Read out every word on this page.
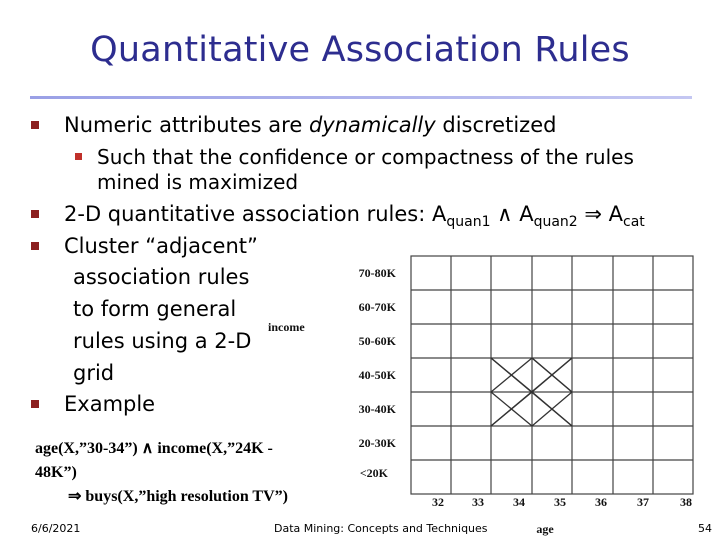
Quantitative Association Rules
Numeric attributes are dynamically discretized
Such that the confidence or compactness of the rules
mined is maximized
2-D quantitative association rules: $A_{quan1}$ ∧ $A_{quan2}$ ⇒ $A_{cat}$
Cluster “adjacent”
association rules
to form general
rules using a 2-D
grid
Example
age(X,”30-34”) ∧ income(X,”24K -
48K”)
⇒ buys(X,”high resolution TV”)
70-80K
60-70K
50-60K
40-50K
30-40K
20-30K
<20K
income
32 33 34 35 36	37	38
age
6/6/2021	Data Mining: Concepts and Techniques	54
